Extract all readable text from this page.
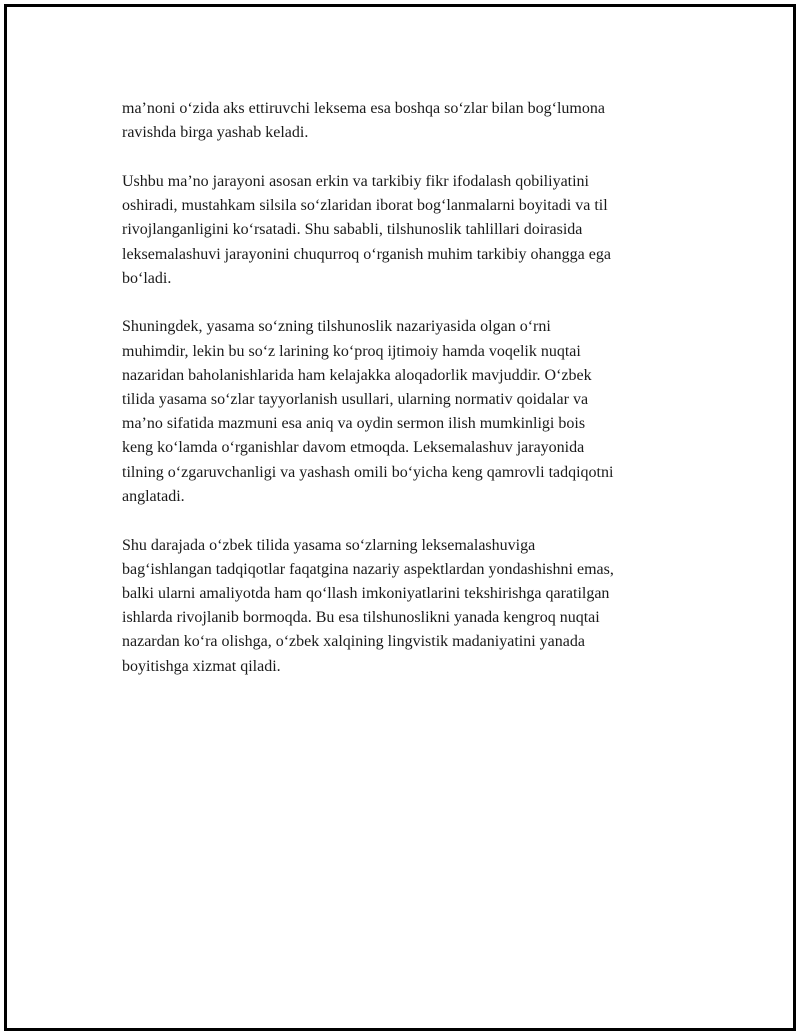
ma’noni o‘zida aks ettiruvchi leksema esa boshqa so‘zlar bilan bog‘lumona
ravishda birga yashab keladi.

Ushbu ma’no jarayoni asosan erkin va tarkibiy fikr ifodalash qobiliyatini
oshiradi, mustahkam silsila so‘zlaridan iborat bog‘lanmalarni boyitadi va til
rivojlanganligini ko‘rsatadi. Shu sababli, tilshunoslik tahlillari doirasida
leksemalashuvi jarayonini chuqurroq o‘rganish muhim tarkibiy ohangga ega
bo‘ladi.

Shuningdek, yasama so‘zning tilshunoslik nazariyasida olgan o‘rni
muhimdir, lekin bu so‘z larining ko‘proq ijtimoiy hamda voqelik nuqtai
nazaridan baholanishlarida ham kelajakka aloqadorlik mavjuddir. O‘zbek
tilida yasama so‘zlar tayyorlanish usullari, ularning normativ qoidalar va
ma’no sifatida mazmuni esa aniq va oydin sermon ilish mumkinligi bois
keng ko‘lamda o‘rganishlar davom etmoqda. Leksemalashuv jarayonida
tilning o‘zgaruvchanligi va yashash omili bo‘yicha keng qamrovli tadqiqotni
anglatadi.

Shu darajada o‘zbek tilida yasama so‘zlarning leksemalashuviga
bag‘ishlangan tadqiqotlar faqatgina nazariy aspektlardan yondashishni emas,
balki ularni amaliyotda ham qo‘llash imkoniyatlarini tekshirishga qaratilgan
ishlarda rivojlanib bormoqda. Bu esa tilshunoslikni yanada kengroq nuqtai
nazardan ko‘ra olishga, o‘zbek xalqining lingvistik madaniyatini yanada
boyitishga xizmat qiladi.
